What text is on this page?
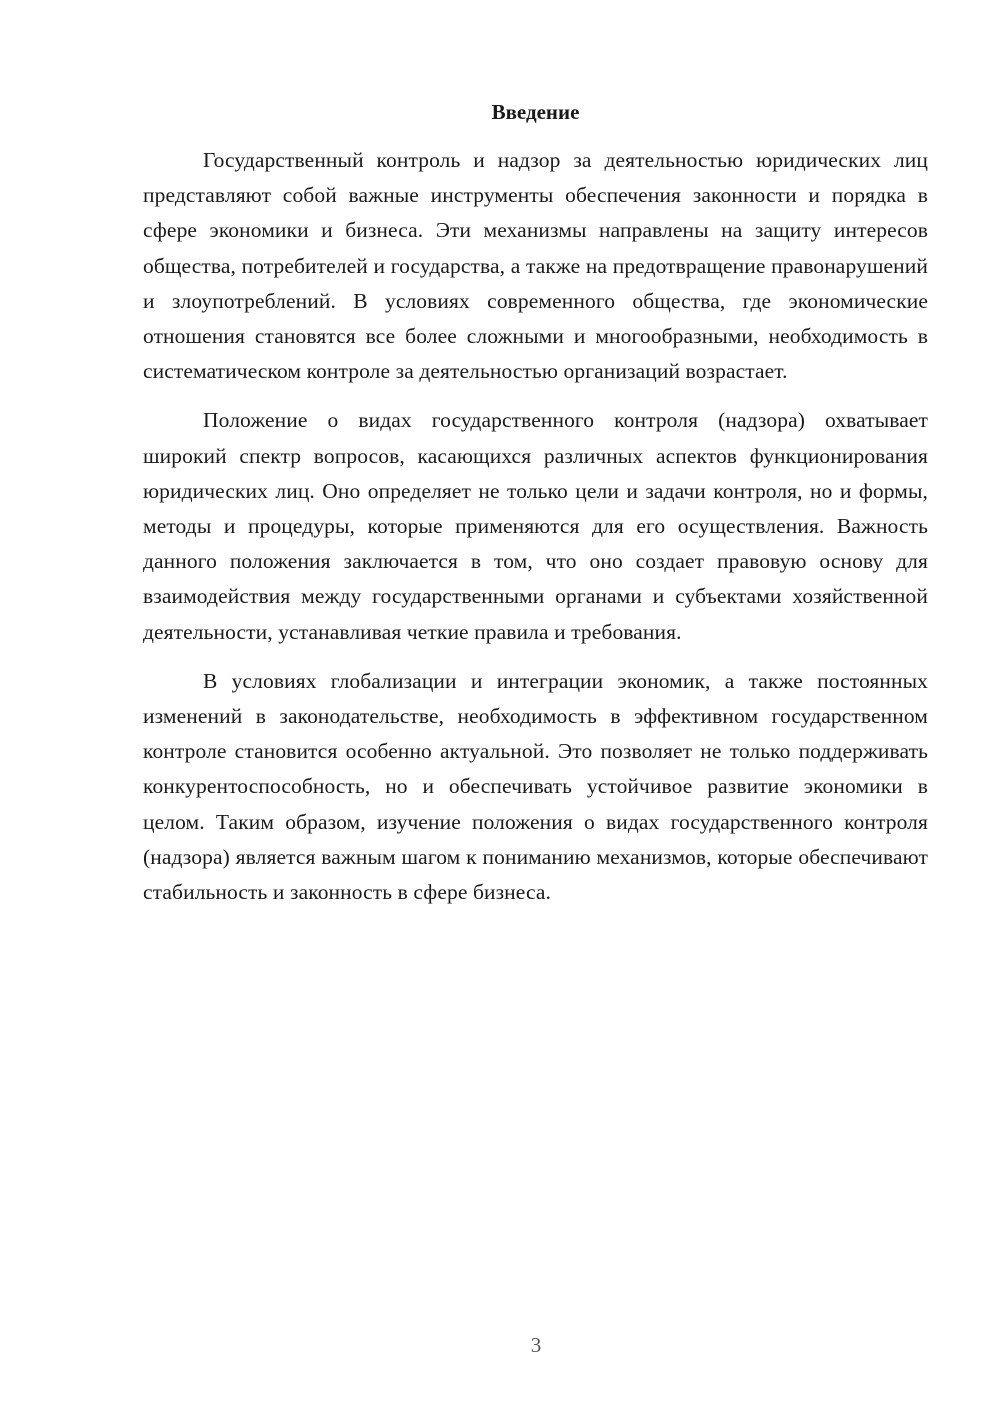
Введение

Государственный контроль и надзор за деятельностью юридических лиц представляют собой важные инструменты обеспечения законности и порядка в сфере экономики и бизнеса. Эти механизмы направлены на защиту интересов общества, потребителей и государства, а также на предотвращение правонарушений и злоупотреблений. В условиях современного общества, где экономические отношения становятся все более сложными и многообразными, необходимость в систематическом контроле за деятельностью организаций возрастает.

Положение о видах государственного контроля (надзора) охватывает широкий спектр вопросов, касающихся различных аспектов функционирования юридических лиц. Оно определяет не только цели и задачи контроля, но и формы, методы и процедуры, которые применяются для его осуществления. Важность данного положения заключается в том, что оно создает правовую основу для взаимодействия между государственными органами и субъектами хозяйственной деятельности, устанавливая четкие правила и требования.

В условиях глобализации и интеграции экономик, а также постоянных изменений в законодательстве, необходимость в эффективном государственном контроле становится особенно актуальной. Это позволяет не только поддерживать конкурентоспособность, но и обеспечивать устойчивое развитие экономики в целом. Таким образом, изучение положения о видах государственного контроля (надзора) является важным шагом к пониманию механизмов, которые обеспечивают стабильность и законность в сфере бизнеса.

3
